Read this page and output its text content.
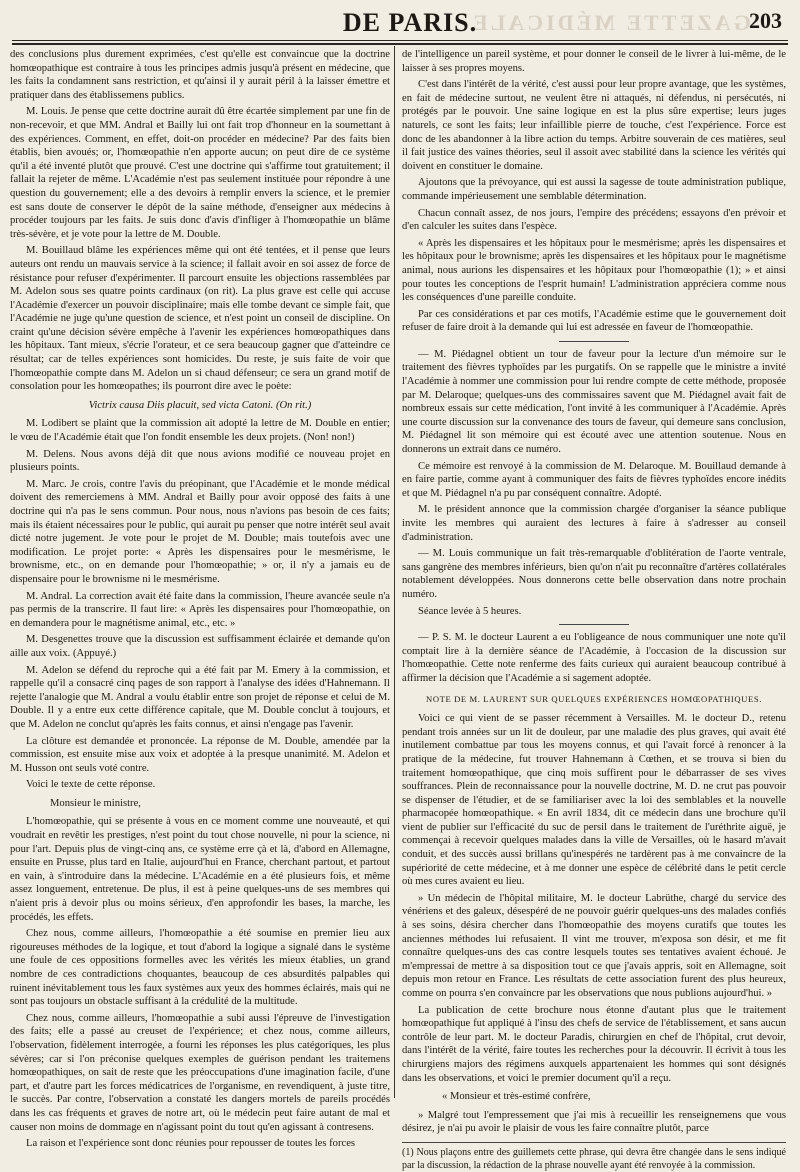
GAZETTE MÉDICALE
DE PARIS.	203

des conclusions plus durement exprimées, c'est qu'elle est convaincue que la doctrine homœopathique est contraire à tous les principes admis jusqu'à présent en médecine, que les faits la condamnent sans restriction, et qu'ainsi il y aurait péril à la laisser émettre et pratiquer dans des établissemens publics.

M. Louis. Je pense que cette doctrine aurait dû être écartée simplement par une fin de non-recevoir, et que MM. Andral et Bailly lui ont fait trop d'honneur en la soumettant à des expériences. Comment, en effet, doit-on procéder en médecine? Par des faits bien établis, bien avoués; or, l'homœopathie n'en apporte aucun; on peut dire de ce système qu'il a été inventé plutôt que prouvé. C'est une doctrine qui s'affirme tout gratuitement; il fallait la rejeter de même. L'Académie n'est pas seulement instituée pour répondre à une question du gouvernement; elle a des devoirs à remplir envers la science, et le premier est sans doute de conserver le dépôt de la saine méthode, d'enseigner aux médecins à procéder toujours par les faits. Je suis donc d'avis d'infliger à l'homœopathie un blâme très-sévère, et je vote pour la lettre de M. Double.

M. Bouillaud blâme les expériences même qui ont été tentées, et il pense que leurs auteurs ont rendu un mauvais service à la science; il fallait avoir en soi assez de force de résistance pour refuser d'expérimenter. Il parcourt ensuite les objections rassemblées par M. Adelon sous ses quatre points cardinaux (on rit). La plus grave est celle qui accuse l'Académie d'exercer un pouvoir disciplinaire; mais elle tombe devant ce simple fait, que l'Académie ne juge qu'une question de science, et n'est point un conseil de discipline. On craint qu'une décision sévère empêche à l'avenir les expériences homœopathiques dans les hôpitaux. Tant mieux, s'écrie l'orateur, et ce sera beaucoup gagner que d'atteindre ce résultat; car de telles expériences sont homicides. Du reste, je suis faite de voir que l'homœopathie compte dans M. Adelon un si chaud défenseur; ce sera un grand motif de consolation pour les homœopathes; ils pourront dire avec le poète:

Victrix causa Diis placuit, sed victa Catoni. (On rit.)

M. Lodibert se plaint que la commission ait adopté la lettre de M. Double en entier; le vœu de l'Académie était que l'on fondit ensemble les deux projets. (Non! non!)

M. Delens. Nous avons déjà dit que nous avions modifié ce nouveau projet en plusieurs points.

M. Marc. Je crois, contre l'avis du préopinant, que l'Académie et le monde médical doivent des remerciemens à MM. Andral et Bailly pour avoir opposé des faits à une doctrine qui n'a pas le sens commun. Pour nous, nous n'avions pas besoin de ces faits; mais ils étaient nécessaires pour le public, qui aurait pu penser que notre intérêt seul avait dicté notre jugement. Je vote pour le projet de M. Double; mais toutefois avec une modification. Le projet porte: « Après les dispensaires pour le mesmérisme, le brownisme, etc., on en demande pour l'homœopathie; » or, il n'y a jamais eu de dispensaire pour le brownisme ni le mesmérisme.

M. Andral. La correction avait été faite dans la commission, l'heure avancée seule n'a pas permis de la transcrire. Il faut lire: « Après les dispensaires pour l'homœopathie, on en demandera pour le magnétisme animal, etc., etc. »

M. Desgenettes trouve que la discussion est suffisamment éclairée et demande qu'on aille aux voix. (Appuyé.)

M. Adelon se défend du reproche qui a été fait par M. Emery à la commission, et rappelle qu'il a consacré cinq pages de son rapport à l'analyse des idées d'Hahnemann. Il rejette l'analogie que M. Andral a voulu établir entre son projet de réponse et celui de M. Double. Il y a entre eux cette différence capitale, que M. Double conclut à toujours, et que M. Adelon ne conclut qu'après les faits connus, et ainsi n'engage pas l'avenir.

La clôture est demandée et prononcée. La réponse de M. Double, amendée par la commission, est ensuite mise aux voix et adoptée à la presque unanimité. M. Adelon et M. Husson ont seuls voté contre.

Voici le texte de cette réponse.

Monsieur le ministre,

L'homœopathie, qui se présente à vous en ce moment comme une nouveauté, et qui voudrait en revêtir les prestiges, n'est point du tout chose nouvelle, ni pour la science, ni pour l'art. Depuis plus de vingt-cinq ans, ce système erre çà et là, d'abord en Allemagne, ensuite en Prusse, plus tard en Italie, aujourd'hui en France, cherchant partout, et partout en vain, à s'introduire dans la médecine. L'Académie en a été plusieurs fois, et même assez longuement, entretenue. De plus, il est à peine quelques-uns de ses membres qui n'aient pris à devoir plus ou moins sérieux, d'en approfondir les bases, la marche, les procédés, les effets.

Chez nous, comme ailleurs, l'homœopathie a été soumise en premier lieu aux rigoureuses méthodes de la logique, et tout d'abord la logique a signalé dans le système une foule de ces oppositions formelles avec les vérités les mieux établies, un grand nombre de ces contradictions choquantes, beaucoup de ces absurdités palpables qui ruinent inévitablement tous les faux systèmes aux yeux des hommes éclairés, mais qui ne sont pas toujours un obstacle suffisant à la crédulité de la multitude.

Chez nous, comme ailleurs, l'homœopathie a subi aussi l'épreuve de l'investigation des faits; elle a passé au creuset de l'expérience; et chez nous, comme ailleurs, l'observation, fidèlement interrogée, a fourni les réponses les plus catégoriques, les plus sévères; car si l'on préconise quelques exemples de guérison pendant les traitemens homœopathiques, on sait de reste que les préoccupations d'une imagination facile, d'une part, et d'autre part les forces médicatrices de l'organisme, en revendiquent, à juste titre, le succès. Par contre, l'observation a constaté les dangers mortels de pareils procédés dans les cas fréquents et graves de notre art, où le médecin peut faire autant de mal et causer non moins de dommage en n'agissant point du tout qu'en agissant à contresens.

La raison et l'expérience sont donc réunies pour repousser de toutes les forces

de l'intelligence un pareil système, et pour donner le conseil de le livrer à lui-même, de le laisser à ses propres moyens.

C'est dans l'intérêt de la vérité, c'est aussi pour leur propre avantage, que les systèmes, en fait de médecine surtout, ne veulent être ni attaqués, ni défendus, ni persécutés, ni protégés par le pouvoir. Une saine logique en est la plus sûre expertise; leurs juges naturels, ce sont les faits; leur infaillible pierre de touche, c'est l'expérience. Force est donc de les abandonner à la libre action du temps. Arbitre souverain de ces matières, seul il fait justice des vaines théories, seul il assoit avec stabilité dans la science les vérités qui doivent en constituer le domaine.

Ajoutons que la prévoyance, qui est aussi la sagesse de toute administration publique, commande impérieusement une semblable détermination.

Chacun connaît assez, de nos jours, l'empire des précédens; essayons d'en prévoir et d'en calculer les suites dans l'espèce.

« Après les dispensaires et les hôpitaux pour le mesmérisme; après les dispensaires et les hôpitaux pour le brownisme; après les dispensaires et les hôpitaux pour le magnétisme animal, nous aurions les dispensaires et les hôpitaux pour l'homœopathie (1); » et ainsi pour toutes les conceptions de l'esprit humain! L'administration appréciera comme nous les conséquences d'une pareille conduite.

Par ces considérations et par ces motifs, l'Académie estime que le gouvernement doit refuser de faire droit à la demande qui lui est adressée en faveur de l'homœopathie.

— M. Piédagnel obtient un tour de faveur pour la lecture d'un mémoire sur le traitement des fièvres typhoïdes par les purgatifs. On se rappelle que le ministre a invité l'Académie à nommer une commission pour lui rendre compte de cette méthode, proposée par M. Delaroque; quelques-uns des commissaires savent que M. Piédagnel avait fait de nombreux essais sur cette médication, l'ont invité à les communiquer à l'Académie. Après une courte discussion sur la convenance des tours de faveur, qui demeure sans conclusion, M. Piédagnel lit son mémoire qui est écouté avec une attention soutenue. Nous en donnerons un extrait dans ce numéro.

Ce mémoire est renvoyé à la commission de M. Delaroque. M. Bouillaud demande à en faire partie, comme ayant à communiquer des faits de fièvres typhoïdes encore inédits et que M. Piédagnel n'a pu par conséquent connaître. Adopté.

M. le président annonce que la commission chargée d'organiser la séance publique invite les membres qui auraient des lectures à faire à s'adresser au conseil d'administration.

— M. Louis communique un fait très-remarquable d'oblitération de l'aorte ventrale, sans gangrène des membres inférieurs, bien qu'on n'ait pu reconnaître d'artères collatérales notablement développées. Nous donnerons cette belle observation dans notre prochain numéro.

Séance levée à 5 heures.

— P. S. M. le docteur Laurent a eu l'obligeance de nous communiquer une note qu'il comptait lire à la dernière séance de l'Académie, à l'occasion de la discussion sur l'homœopathie. Cette note renferme des faits curieux qui auraient beaucoup contribué à affirmer la décision que l'Académie a si sagement adoptée.

NOTE DE M. LAURENT SUR QUELQUES EXPÉRIENCES HOMŒOPATHIQUES.

Voici ce qui vient de se passer récemment à Versailles. M. le docteur D., retenu pendant trois années sur un lit de douleur, par une maladie des plus graves, qui avait été inutilement combattue par tous les moyens connus, et qui l'avait forcé à renoncer à la pratique de la médecine, fut trouver Hahnemann à Cœthen, et se trouva si bien du traitement homœopathique, que cinq mois suffirent pour le débarrasser de ses vives souffrances. Plein de reconnaissance pour la nouvelle doctrine, M. D. ne crut pas pouvoir se dispenser de l'étudier, et de se familiariser avec la loi des semblables et la nouvelle pharmacopée homœopathique. « En avril 1834, dit ce médecin dans une brochure qu'il vient de publier sur l'efficacité du suc de persil dans le traitement de l'uréthrite aiguë, je commençai à recevoir quelques malades dans la ville de Versailles, où le hasard m'avait conduit, et des succès aussi brillans qu'inespérés ne tardèrent pas à me convaincre de la supériorité de cette médecine, et à me donner une espèce de célébrité dans le petit cercle où mes cures avaient eu lieu.

» Un médecin de l'hôpital militaire, M. le docteur Labrüthe, chargé du service des vénériens et des galeux, désespéré de ne pouvoir guérir quelques-uns des malades confiés à ses soins, désira chercher dans l'homœopathie des moyens curatifs que toutes les anciennes méthodes lui refusaient. Il vint me trouver, m'exposa son désir, et me fit connaître quelques-uns des cas contre lesquels toutes ses tentatives avaient échoué. Je m'empressai de mettre à sa disposition tout ce que j'avais appris, soit en Allemagne, soit depuis mon retour en France. Les résultats de cette association furent des plus heureux, comme on pourra s'en convaincre par les observations que nous publions aujourd'hui. »

La publication de cette brochure nous étonne d'autant plus que le traitement homœopathique fut appliqué à l'insu des chefs de service de l'établissement, et sans aucun contrôle de leur part. M. le docteur Paradis, chirurgien en chef de l'hôpital, crut devoir, dans l'intérêt de la vérité, faire toutes les recherches pour la découvrir. Il écrivit à tous les chirurgiens majors des régimens auxquels appartenaient les hommes qui sont désignés dans les observations, et voici le premier document qu'il a reçu.

« Monsieur et très-estimé confrère,

» Malgré tout l'empressement que j'ai mis à recueillir les renseignemens que vous désirez, je n'ai pu avoir le plaisir de vous les faire connaître plutôt, parce

(1) Nous plaçons entre des guillemets cette phrase, qui devra être changée dans le sens indiqué par la discussion, la rédaction de la phrase nouvelle ayant été renvoyée à la commission.
